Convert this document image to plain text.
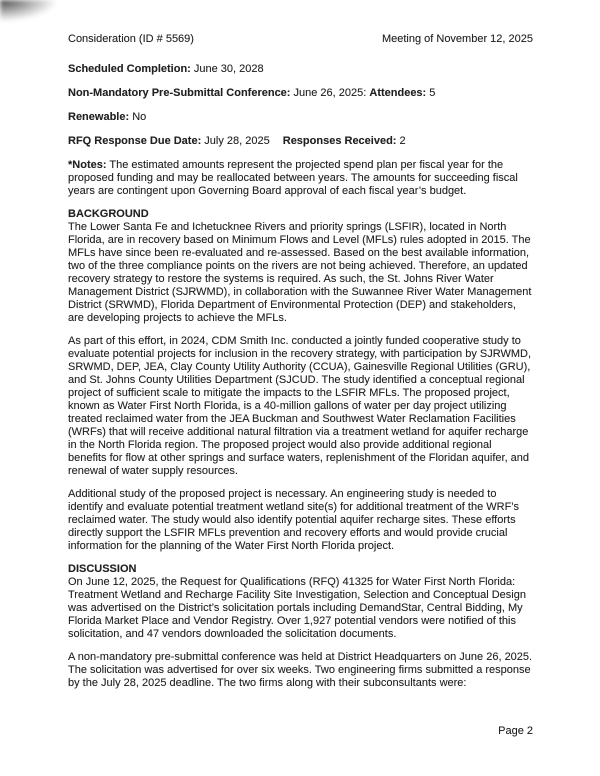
Consideration (ID # 5569)	Meeting of November 12, 2025
Scheduled Completion: June 30, 2028
Non-Mandatory Pre-Submittal Conference: June 26, 2025: Attendees: 5
Renewable: No
RFQ Response Due Date: July 28, 2025 Responses Received: 2
*Notes: The estimated amounts represent the projected spend plan per fiscal year for the proposed funding and may be reallocated between years. The amounts for succeeding fiscal years are contingent upon Governing Board approval of each fiscal year’s budget.
BACKGROUND

The Lower Santa Fe and Ichetucknee Rivers and priority springs (LSFIR), located in North Florida, are in recovery based on Minimum Flows and Level (MFLs) rules adopted in 2015. The MFLs have since been re-evaluated and re-assessed. Based on the best available information, two of the three compliance points on the rivers are not being achieved. Therefore, an updated recovery strategy to restore the systems is required. As such, the St. Johns River Water Management District (SJRWMD), in collaboration with the Suwannee River Water Management District (SRWMD), Florida Department of Environmental Protection (DEP) and stakeholders, are developing projects to achieve the MFLs.

As part of this effort, in 2024, CDM Smith Inc. conducted a jointly funded cooperative study to evaluate potential projects for inclusion in the recovery strategy, with participation by SJRWMD, SRWMD, DEP, JEA, Clay County Utility Authority (CCUA), Gainesville Regional Utilities (GRU), and St. Johns County Utilities Department (SJCUD. The study identified a conceptual regional project of sufficient scale to mitigate the impacts to the LSFIR MFLs. The proposed project, known as Water First North Florida, is a 40-million gallons of water per day project utilizing treated reclaimed water from the JEA Buckman and Southwest Water Reclamation Facilities (WRFs) that will receive additional natural filtration via a treatment wetland for aquifer recharge in the North Florida region. The proposed project would also provide additional regional benefits for flow at other springs and surface waters, replenishment of the Floridan aquifer, and renewal of water supply resources.

Additional study of the proposed project is necessary. An engineering study is needed to identify and evaluate potential treatment wetland site(s) for additional treatment of the WRF’s reclaimed water. The study would also identify potential aquifer recharge sites. These efforts directly support the LSFIR MFLs prevention and recovery efforts and would provide crucial information for the planning of the Water First North Florida project.

DISCUSSION

On June 12, 2025, the Request for Qualifications (RFQ) 41325 for Water First North Florida: Treatment Wetland and Recharge Facility Site Investigation, Selection and Conceptual Design was advertised on the District’s solicitation portals including DemandStar, Central Bidding, My Florida Market Place and Vendor Registry. Over 1,927 potential vendors were notified of this solicitation, and 47 vendors downloaded the solicitation documents.

A non-mandatory pre-submittal conference was held at District Headquarters on June 26, 2025. The solicitation was advertised for over six weeks. Two engineering firms submitted a response by the July 28, 2025 deadline. The two firms along with their subconsultants were:

Page 2
